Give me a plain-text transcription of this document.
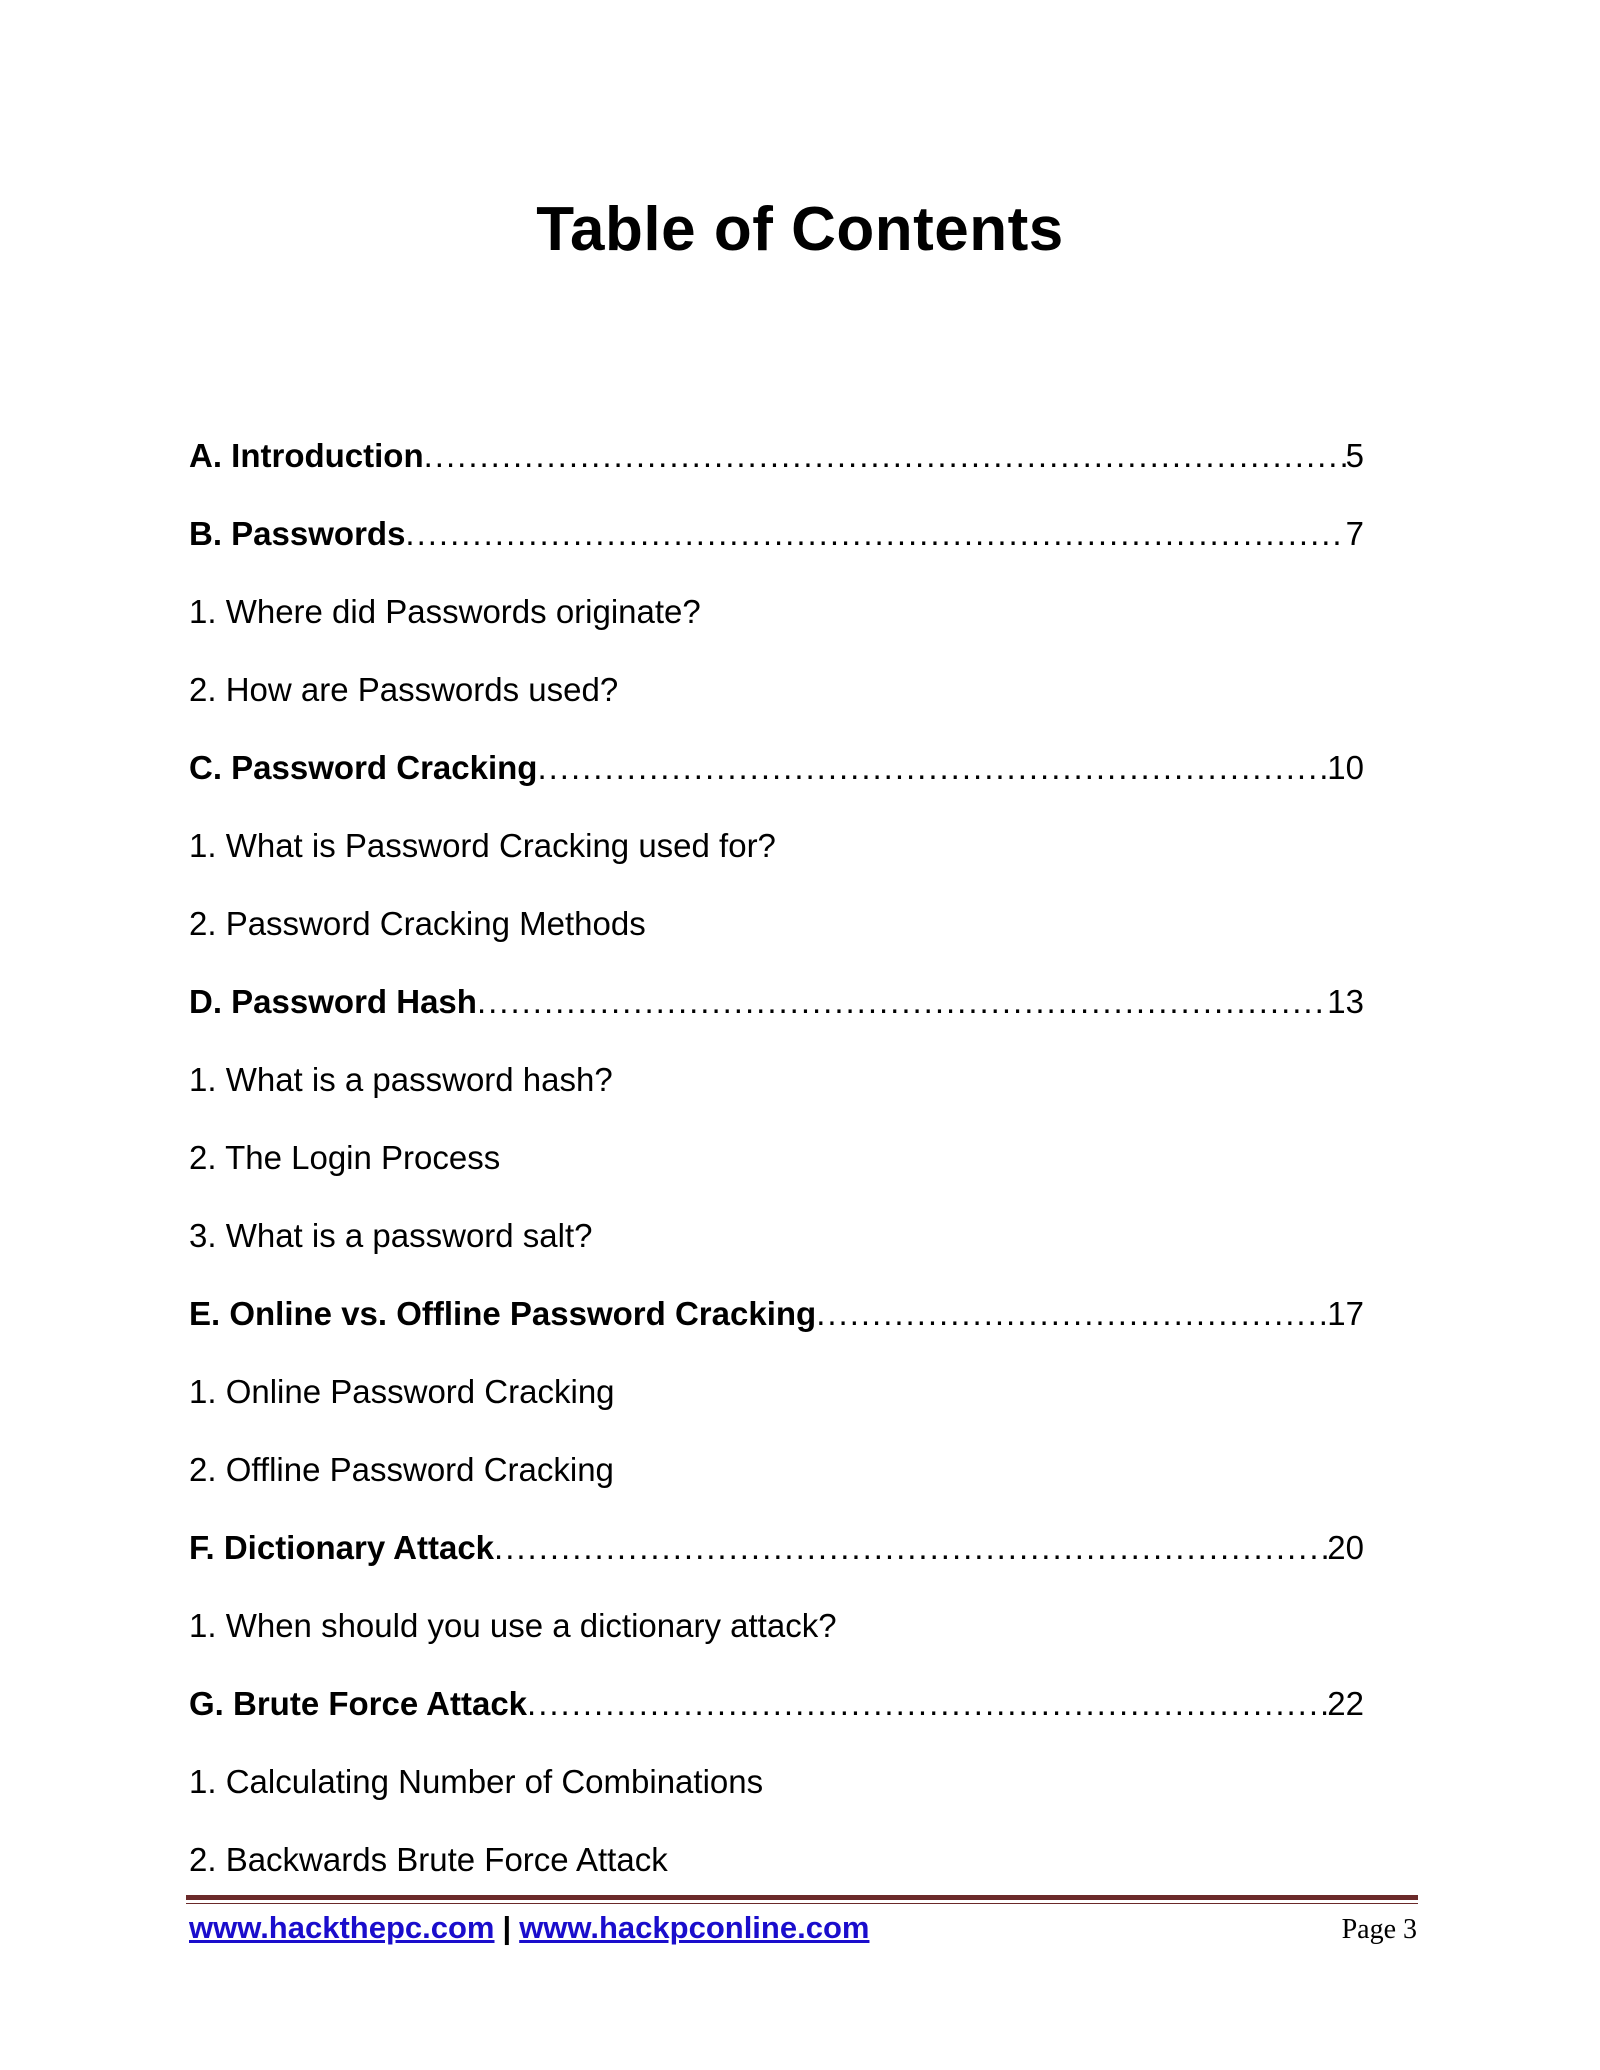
Table of Contents
A. Introduction .....	5
B. Passwords .....	7
1. Where did Passwords originate?
2. How are Passwords used?
C. Password Cracking .....	10
1. What is Password Cracking used for?
2. Password Cracking Methods
D. Password Hash .....	13
1. What is a password hash?
2. The Login Process
3. What is a password salt?
E. Online vs. Offline Password Cracking .....	17
1. Online Password Cracking
2. Offline Password Cracking
F. Dictionary Attack .....	20
1. When should you use a dictionary attack?
G. Brute Force Attack .....	22
1. Calculating Number of Combinations
2. Backwards Brute Force Attack
www.hackthepc.com | www.hackpconline.com	Page 3
